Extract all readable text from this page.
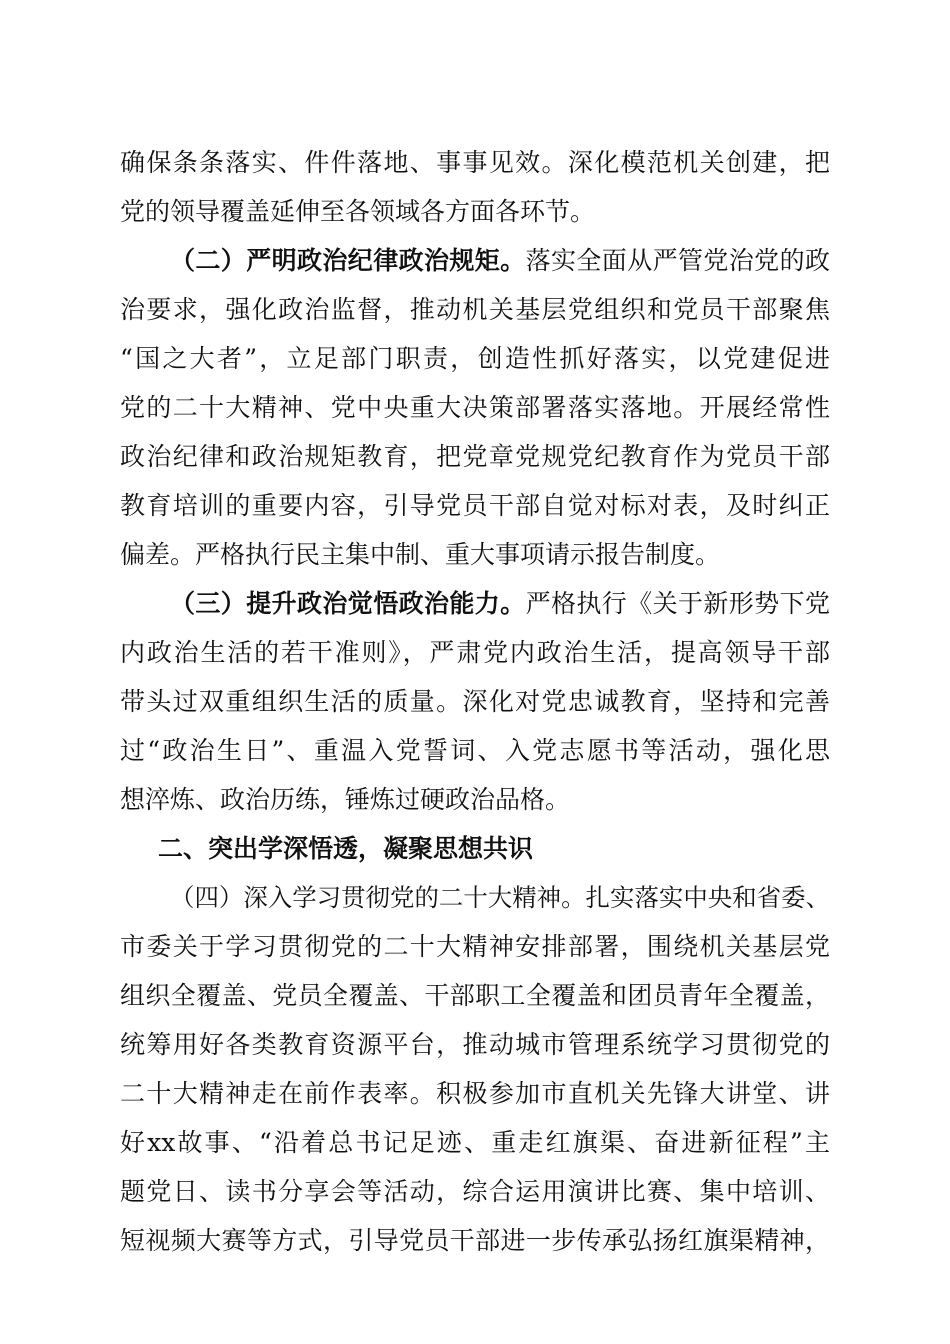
确保条条落实、件件落地、事事见效。深化模范机关创建，把
党的领导覆盖延伸至各领域各方面各环节。
（二）严明政治纪律政治规矩。落实全面从严管党治党的政
治要求，强化政治监督，推动机关基层党组织和党员干部聚焦
“国之大者”，立足部门职责，创造性抓好落实，以党建促进
党的二十大精神、党中央重大决策部署落实落地。开展经常性
政治纪律和政治规矩教育，把党章党规党纪教育作为党员干部
教育培训的重要内容，引导党员干部自觉对标对表，及时纠正
偏差。严格执行民主集中制、重大事项请示报告制度。
（三）提升政治觉悟政治能力。严格执行《关于新形势下党
内政治生活的若干准则》，严肃党内政治生活，提高领导干部
带头过双重组织生活的质量。深化对党忠诚教育，坚持和完善
过“政治生日”、重温入党誓词、入党志愿书等活动，强化思
想淬炼、政治历练，锤炼过硬政治品格。
二、突出学深悟透，凝聚思想共识
（四）深入学习贯彻党的二十大精神。扎实落实中央和省委、
市委关于学习贯彻党的二十大精神安排部署，围绕机关基层党
组织全覆盖、党员全覆盖、干部职工全覆盖和团员青年全覆盖，
统筹用好各类教育资源平台，推动城市管理系统学习贯彻党的
二十大精神走在前作表率。积极参加市直机关先锋大讲堂、讲
好xx故事、“沿着总书记足迹、重走红旗渠、奋进新征程”主
题党日、读书分享会等活动，综合运用演讲比赛、集中培训、
短视频大赛等方式，引导党员干部进一步传承弘扬红旗渠精神，
